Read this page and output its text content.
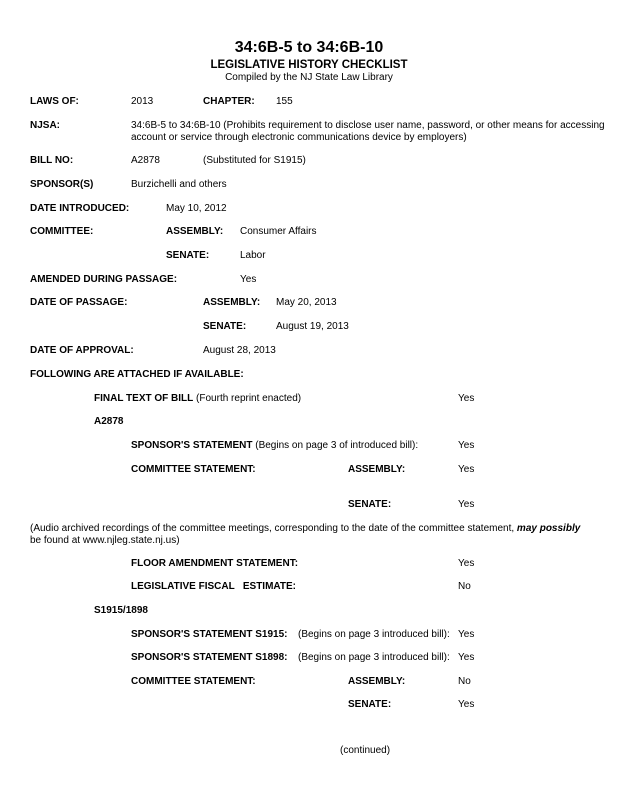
34:6B-5 to 34:6B-10
LEGISLATIVE HISTORY CHECKLIST
Compiled by the NJ State Law Library
LAWS OF:	2013	CHAPTER: 155
NJSA:	34:6B-5 to 34:6B-10 (Prohibits requirement to disclose user name, password, or other means for accessing
account or service through electronic communications device by employers)
BILL NO:	A2878	(Substituted for S1915)
SPONSOR(S)	Burzichelli and others
DATE INTRODUCED:	May 10, 2012
COMMITTEE:	ASSEMBLY: Consumer Affairs
SENATE:	Labor
AMENDED DURING PASSAGE:	Yes
DATE OF PASSAGE:	ASSEMBLY: May 20, 2013
SENATE:	August 19, 2013
DATE OF APPROVAL:	August 28, 2013
FOLLOWING ARE ATTACHED IF AVAILABLE:
FINAL TEXT OF BILL (Fourth reprint enacted)	Yes
A2878
SPONSOR'S STATEMENT (Begins on page 3 of introduced bill):	Yes
COMMITTEE STATEMENT:	ASSEMBLY:	Yes
SENATE:	Yes
(Audio archived recordings of the committee meetings, corresponding to the date of the committee statement, may possibly
be found at www.njleg.state.nj.us)
FLOOR AMENDMENT STATEMENT:	Yes
LEGISLATIVE FISCAL   ESTIMATE:	No
S1915/1898
SPONSOR'S STATEMENT S1915: (Begins on page 3 introduced bill): Yes
SPONSOR'S STATEMENT S1898: (Begins on page 3 introduced bill): Yes
COMMITTEE STATEMENT:	ASSEMBLY:	No
SENATE:	Yes
(continued)
